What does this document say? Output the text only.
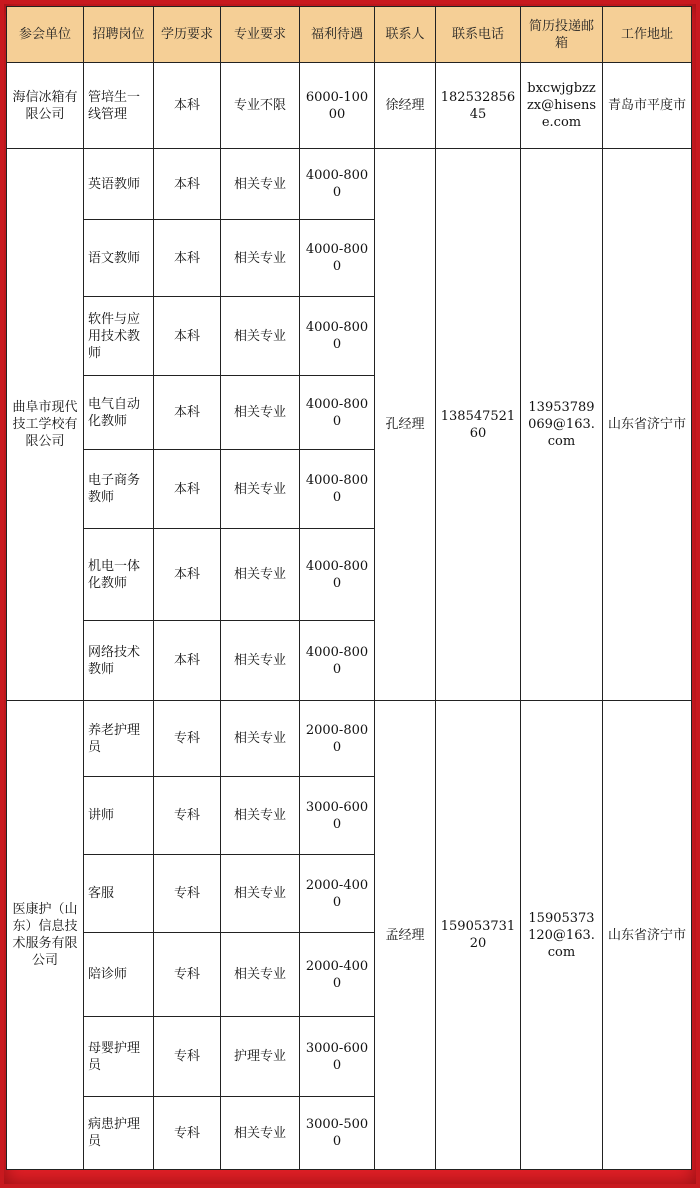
参会单位	招聘岗位	学历要求	专业要求	福利待遇	联系人	联系电话	简历投递邮箱	工作地址
海信冰箱有限公司	管培生一线管理	本科	专业不限	6000-10000	徐经理	18253285645	bxcwjgbzzzx@hisense.com	青岛市平度市
曲阜市现代技工学校有限公司	英语教师	本科	相关专业	4000-8000	孔经理	13854752160	13953789069@163.com	山东省济宁市
	语文教师	本科	相关专业	4000-8000				
	软件与应用技术教师	本科	相关专业	4000-8000				
	电气自动化教师	本科	相关专业	4000-8000				
	电子商务教师	本科	相关专业	4000-8000				
	机电一体化教师	本科	相关专业	4000-8000				
	网络技术教师	本科	相关专业	4000-8000				
医康护（山东）信息技术服务有限公司	养老护理员	专科	相关专业	2000-8000	孟经理	15905373120	15905373120@163.com	山东省济宁市
	讲师	专科	相关专业	3000-6000				
	客服	专科	相关专业	2000-4000				
	陪诊师	专科	相关专业	2000-4000				
	母婴护理员	专科	护理专业	3000-6000				
	病患护理员	专科	相关专业	3000-5000				
